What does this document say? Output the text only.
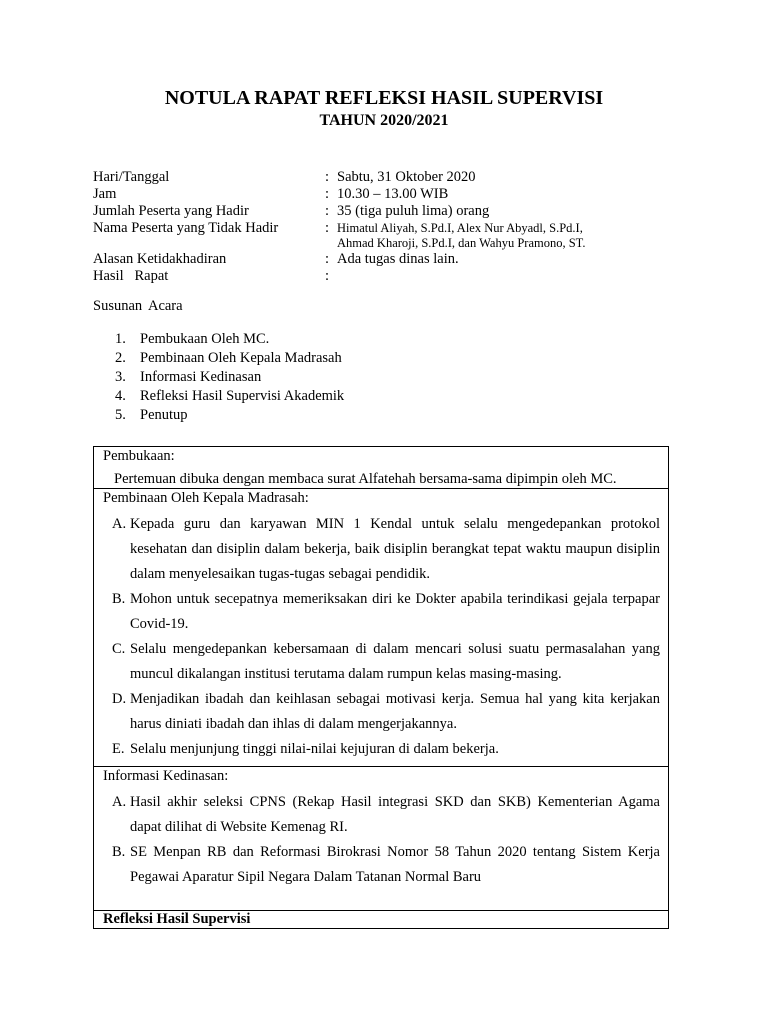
NOTULA RAPAT REFLEKSI HASIL SUPERVISI
TAHUN 2020/2021
Hari/Tanggal	: Sabtu, 31 Oktober 2020
Jam	: 10.30 – 13.00 WIB
Jumlah Peserta yang Hadir	: 35 (tiga puluh lima) orang
Nama Peserta yang Tidak Hadir	: Himatul Aliyah, S.Pd.I, Alex Nur Abyadl, S.Pd.I,
Ahmad Kharoji, S.Pd.I, dan Wahyu Pramono, ST.
Alasan Ketidakhadiran	: Ada tugas dinas lain.
Hasil   Rapat	:
Susunan Acara
1. Pembukaan Oleh MC.
2. Pembinaan Oleh Kepala Madrasah
3. Informasi Kedinasan
4. Refleksi Hasil Supervisi Akademik
5. Penutup
Pembukaan:
Pertemuan dibuka dengan membaca surat Alfatehah bersama-sama dipimpin oleh MC.
Pembinaan Oleh Kepala Madrasah:
A. Kepada guru dan karyawan MIN 1 Kendal untuk selalu mengedepankan protokol kesehatan dan disiplin dalam bekerja, baik disiplin berangkat tepat waktu maupun disiplin dalam menyelesaikan tugas-tugas sebagai pendidik.
B. Mohon untuk secepatnya memeriksakan diri ke Dokter apabila terindikasi gejala terpapar Covid-19.
C. Selalu mengedepankan kebersamaan di dalam mencari solusi suatu permasalahan yang muncul dikalangan institusi terutama dalam rumpun kelas masing-masing.
D. Menjadikan ibadah dan keihlasan sebagai motivasi kerja. Semua hal yang kita kerjakan harus diniati ibadah dan ihlas di dalam mengerjakannya.
E. Selalu menjunjung tinggi nilai-nilai kejujuran di dalam bekerja.
Informasi Kedinasan:
A. Hasil akhir seleksi CPNS (Rekap Hasil integrasi SKD dan SKB) Kementerian Agama dapat dilihat di Website Kemenag RI.
B. SE Menpan RB dan Reformasi Birokrasi Nomor 58 Tahun 2020 tentang Sistem Kerja Pegawai Aparatur Sipil Negara Dalam Tatanan Normal Baru
Refleksi Hasil Supervisi
